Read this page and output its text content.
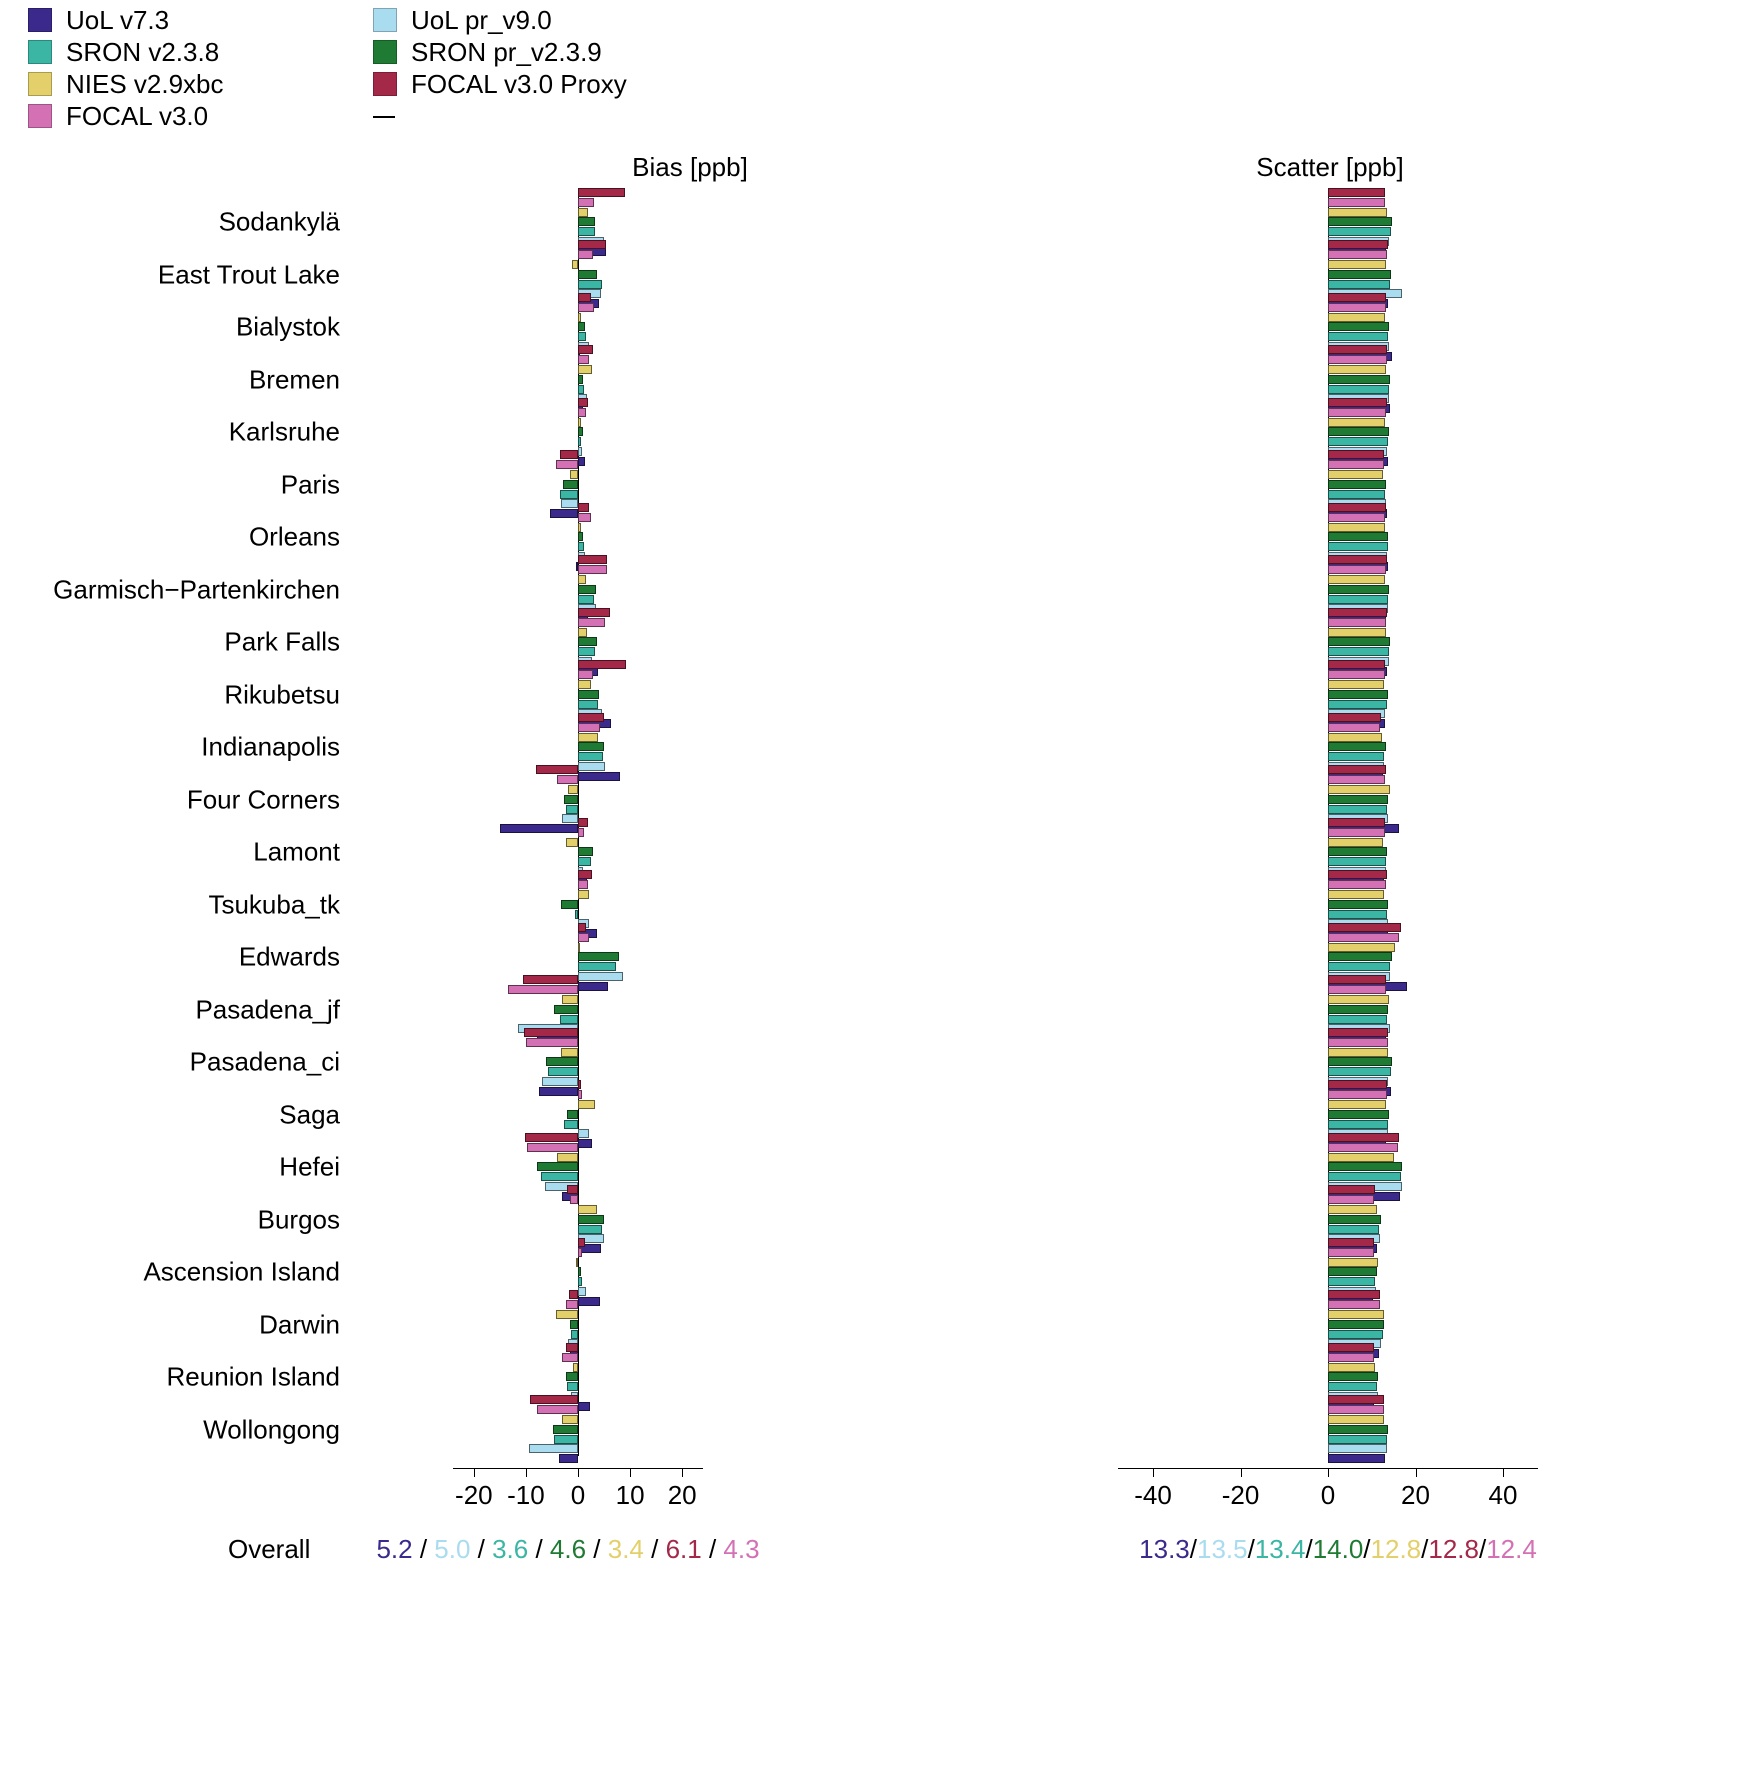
UoL v7.3
SRON v2.3.8
NIES v2.9xbc
FOCAL v3.0
UoL pr_v9.0
SRON pr_v2.3.9
FOCAL v3.0 Proxy
Bias [ppb]	Scatter [ppb]
Sodankylä
East Trout Lake
Bialystok
Bremen
Karlsruhe
Paris
Orleans
Garmisch−Partenkirchen
Park Falls
Rikubetsu
Indianapolis
Four Corners
Lamont
Tsukuba_tk
Edwards
Pasadena_jf
Pasadena_ci
Saga
Hefei
Burgos
Ascension Island
Darwin
Reunion Island
Wollongong
-20 -10 0 10 20	-40 -20 0	20 40
Overall	5.2 / 5.0 / 3.6 / 4.6 / 3.4 / 6.1 / 4.3	13.3/13.5/13.4/14.0/12.8/12.8/12.4
